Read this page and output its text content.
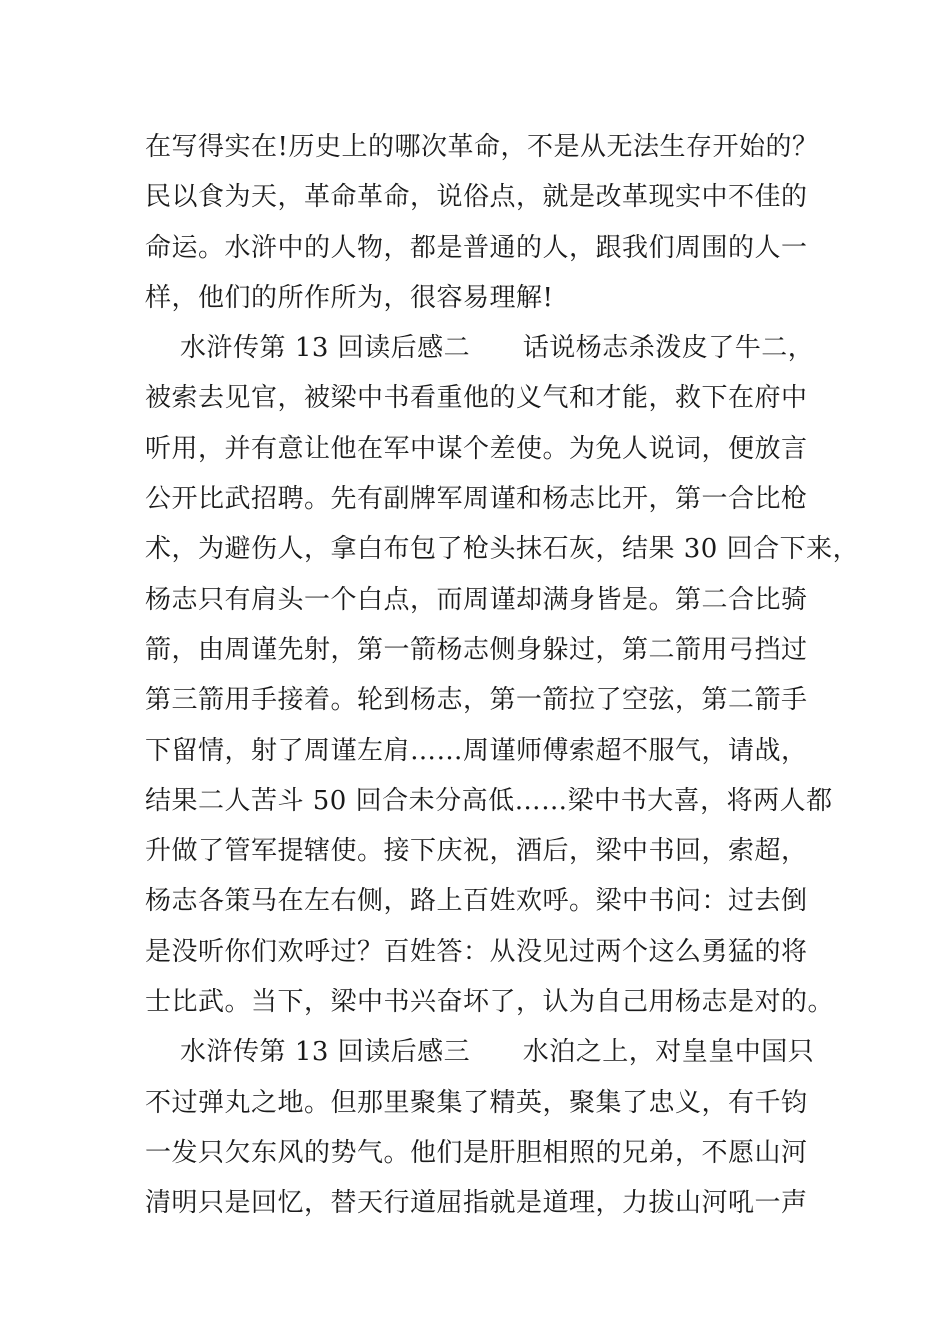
在写得实在!历史上的哪次革命，不是从无法生存开始的？
民以食为天，革命革命，说俗点，就是改革现实中不佳的
命运。水浒中的人物，都是普通的人，跟我们周围的人一
样，他们的所作所为，很容易理解!
水浒传第 13 回读后感二      话说杨志杀泼皮了牛二，
被索去见官，被梁中书看重他的义气和才能，救下在府中
听用，并有意让他在军中谋个差使。为免人说词，便放言
公开比武招聘。先有副牌军周谨和杨志比开，第一合比枪
术，为避伤人，拿白布包了枪头抹石灰，结果 30 回合下来，
杨志只有肩头一个白点，而周谨却满身皆是。第二合比骑
箭，由周谨先射，第一箭杨志侧身躲过，第二箭用弓挡过
第三箭用手接着。轮到杨志，第一箭拉了空弦，第二箭手
下留情，射了周谨左肩……周谨师傅索超不服气，请战，
结果二人苦斗 50 回合未分高低……梁中书大喜，将两人都
升做了管军提辖使。接下庆祝，酒后，梁中书回，索超，
杨志各策马在左右侧，路上百姓欢呼。梁中书问：过去倒
是没听你们欢呼过？百姓答：从没见过两个这么勇猛的将
士比武。当下，梁中书兴奋坏了，认为自己用杨志是对的。
水浒传第 13 回读后感三      水泊之上，对皇皇中国只
不过弹丸之地。但那里聚集了精英，聚集了忠义，有千钧
一发只欠东风的势气。他们是肝胆相照的兄弟，不愿山河
清明只是回忆，替天行道屈指就是道理，力拔山河吼一声
